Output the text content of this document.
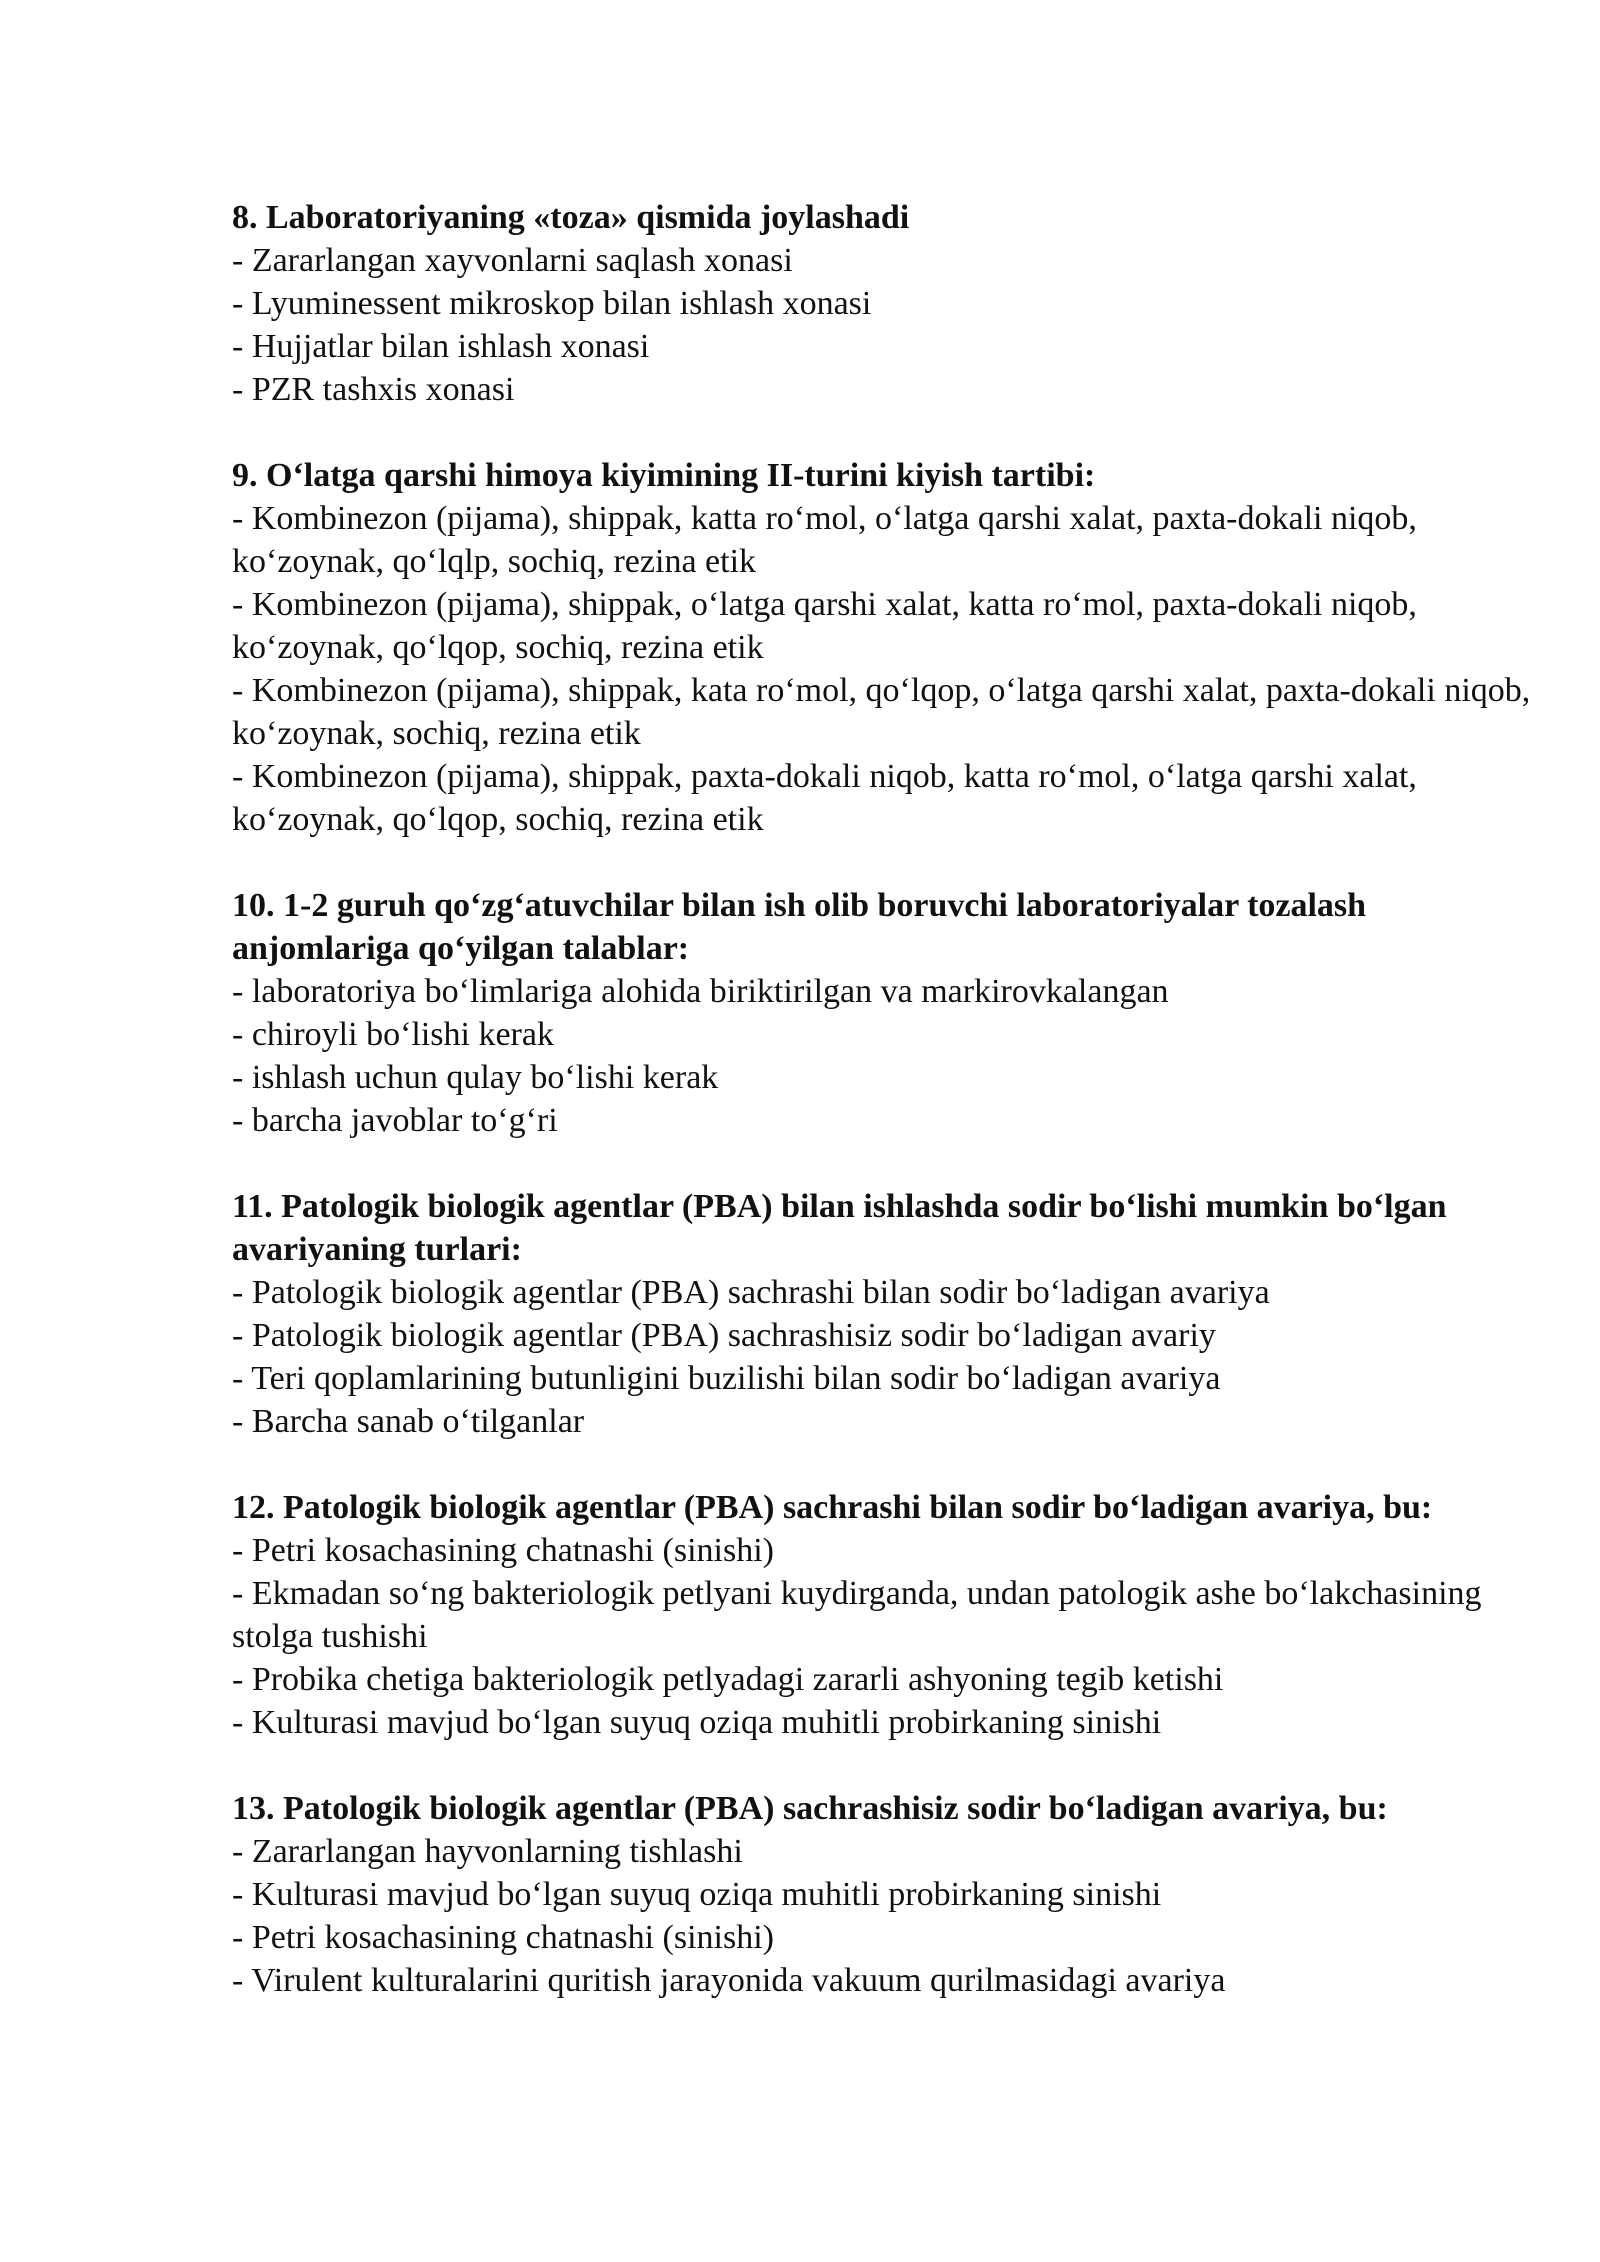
8. Laboratoriyaning «toza» qismida joylashadi

- Zararlangan xayvonlarni saqlash xonasi
- Lyuminessent mikroskop bilan ishlash xonasi
- Hujjatlar bilan ishlash xonasi
- PZR tashxis xonasi

9. O‘latga qarshi himoya kiyimining II-turini kiyish tartibi:

- Kombinezon (pijama), shippak, katta ro‘mol, o‘latga qarshi xalat, paxta-dokali niqob, ko‘zoynak, qo‘lqlp, sochiq, rezina etik
- Kombinezon (pijama), shippak, o‘latga qarshi xalat, katta ro‘mol, paxta-dokali niqob, ko‘zoynak, qo‘lqop, sochiq, rezina etik
- Kombinezon (pijama), shippak, kata ro‘mol, qo‘lqop, o‘latga qarshi xalat, paxta-dokali niqob, ko‘zoynak, sochiq, rezina etik
- Kombinezon (pijama), shippak, paxta-dokali niqob, katta ro‘mol, o‘latga qarshi xalat, ko‘zoynak, qo‘lqop, sochiq, rezina etik

10. 1-2 guruh qo‘zg‘atuvchilar bilan ish olib boruvchi laboratoriyalar tozalash anjomlariga qo‘yilgan talablar:

- laboratoriya bo‘limlariga alohida biriktirilgan va markirovkalangan
- chiroyli bo‘lishi kerak
- ishlash uchun qulay bo‘lishi kerak
- barcha javoblar to‘g‘ri

11. Patologik biologik agentlar (PBA) bilan ishlashda sodir bo‘lishi mumkin bo‘lgan avariyaning turlari:

- Patologik biologik agentlar (PBA) sachrashi bilan sodir bo‘ladigan avariya
- Patologik biologik agentlar (PBA) sachrashisiz sodir bo‘ladigan avariy
- Teri qoplamlarining butunligini buzilishi bilan sodir bo‘ladigan avariya
- Barcha sanab o‘tilganlar

12. Patologik biologik agentlar (PBA) sachrashi bilan sodir bo‘ladigan avariya, bu:

- Petri kosachasining chatnashi (sinishi)
- Ekmadan so‘ng bakteriologik petlyani kuydirganda, undan patologik ashe bo‘lakchasining stolga tushishi
- Probika chetiga bakteriologik petlyadagi zararli ashyoning tegib ketishi
- Kulturasi mavjud bo‘lgan suyuq oziqa muhitli probirkaning sinishi

13. Patologik biologik agentlar (PBA) sachrashisiz sodir bo‘ladigan avariya, bu:

- Zararlangan hayvonlarning tishlashi
- Kulturasi mavjud bo‘lgan suyuq oziqa muhitli probirkaning sinishi
- Petri kosachasining chatnashi (sinishi)
- Virulent kulturalarini quritish jarayonida vakuum qurilmasidagi avariya
